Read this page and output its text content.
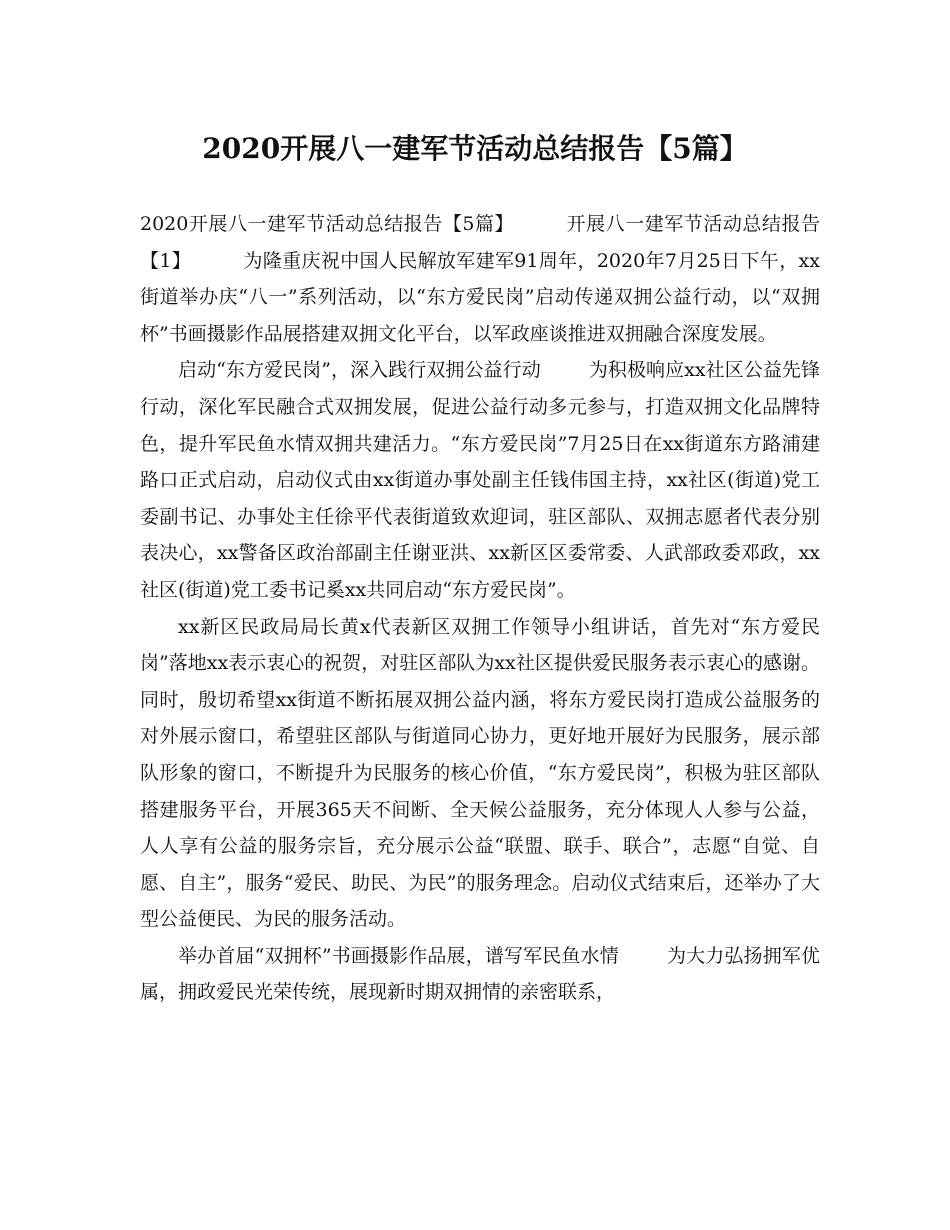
2020开展八一建军节活动总结报告【5篇】

2020开展八一建军节活动总结报告【5篇】	开展八一建军节活动总结报告【1】	为隆重庆祝中国人民解放军建军91周年，2020年7月25日下午，xx街道举办庆“八一”系列活动，以“东方爱民岗”启动传递双拥公益行动，以“双拥杯”书画摄影作品展搭建双拥文化平台，以军政座谈推进双拥融合深度发展。

启动“东方爱民岗”，深入践行双拥公益行动	为积极响应xx社区公益先锋行动，深化军民融合式双拥发展，促进公益行动多元参与，打造双拥文化品牌特色，提升军民鱼水情双拥共建活力。“东方爱民岗”7月25日在xx街道东方路浦建路口正式启动，启动仪式由xx街道办事处副主任钱伟国主持，xx社区(街道)党工委副书记、办事处主任徐平代表街道致欢迎词，驻区部队、双拥志愿者代表分别表决心，xx警备区政治部副主任谢亚洪、xx新区区委常委、人武部政委邓政，xx社区(街道)党工委书记奚xx共同启动“东方爱民岗”。

xx新区民政局局长黄x代表新区双拥工作领导小组讲话，首先对“东方爱民岗”落地xx表示衷心的祝贺，对驻区部队为xx社区提供爱民服务表示衷心的感谢。同时，殷切希望xx街道不断拓展双拥公益内涵，将东方爱民岗打造成公益服务的对外展示窗口，希望驻区部队与街道同心协力，更好地开展好为民服务，展示部队形象的窗口，不断提升为民服务的核心价值，“东方爱民岗”，积极为驻区部队搭建服务平台，开展365天不间断、全天候公益服务，充分体现人人参与公益，人人享有公益的服务宗旨，充分展示公益“联盟、联手、联合”，志愿“自觉、自愿、自主”，服务“爱民、助民、为民”的服务理念。启动仪式结束后，还举办了大型公益便民、为民的服务活动。

举办首届“双拥杯”书画摄影作品展，谱写军民鱼水情	为大力弘扬拥军优属，拥政爱民光荣传统，展现新时期双拥情的亲密联系，
